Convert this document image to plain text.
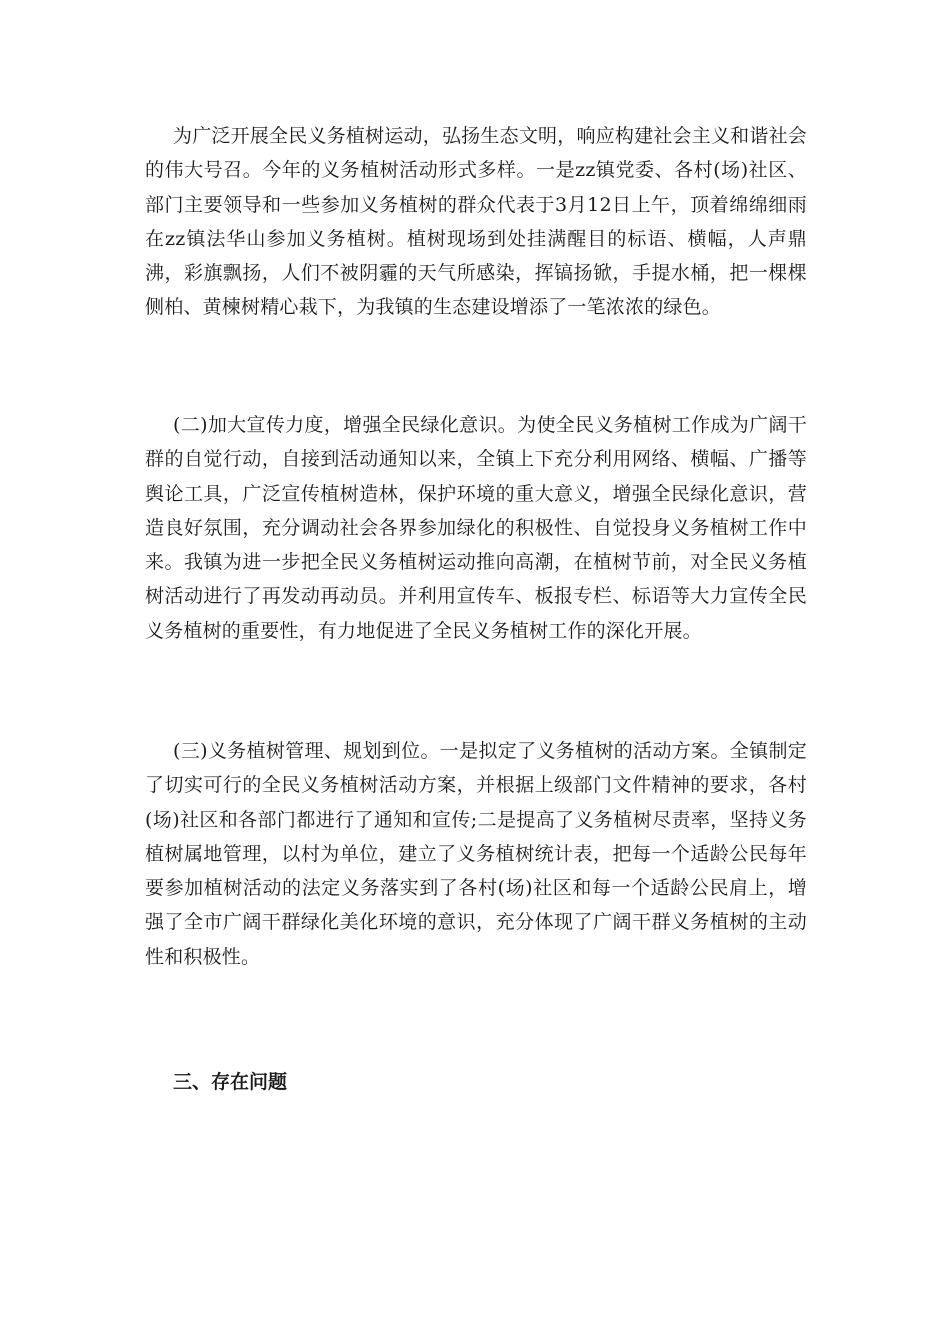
为广泛开展全民义务植树运动，弘扬生态文明，响应构建社会主义和谐社会的伟大号召。今年的义务植树活动形式多样。一是zz镇党委、各村(场)社区、部门主要领导和一些参加义务植树的群众代表于3月12日上午，顶着绵绵细雨在zz镇法华山参加义务植树。植树现场到处挂满醒目的标语、横幅，人声鼎沸，彩旗飘扬，人们不被阴霾的天气所感染，挥镐扬锨，手提水桶，把一棵棵侧柏、黄楝树精心栽下，为我镇的生态建设增添了一笔浓浓的绿色。

(二)加大宣传力度，增强全民绿化意识。为使全民义务植树工作成为广阔干群的自觉行动，自接到活动通知以来，全镇上下充分利用网络、横幅、广播等舆论工具，广泛宣传植树造林，保护环境的重大意义，增强全民绿化意识，营造良好氛围，充分调动社会各界参加绿化的积极性、自觉投身义务植树工作中来。我镇为进一步把全民义务植树运动推向高潮，在植树节前，对全民义务植树活动进行了再发动再动员。并利用宣传车、板报专栏、标语等大力宣传全民义务植树的重要性，有力地促进了全民义务植树工作的深化开展。

(三)义务植树管理、规划到位。一是拟定了义务植树的活动方案。全镇制定了切实可行的全民义务植树活动方案，并根据上级部门文件精神的要求，各村(场)社区和各部门都进行了通知和宣传;二是提高了义务植树尽责率，坚持义务植树属地管理，以村为单位，建立了义务植树统计表，把每一个适龄公民每年要参加植树活动的法定义务落实到了各村(场)社区和每一个适龄公民肩上，增强了全市广阔干群绿化美化环境的意识，充分体现了广阔干群义务植树的主动性和积极性。

三、存在问题
